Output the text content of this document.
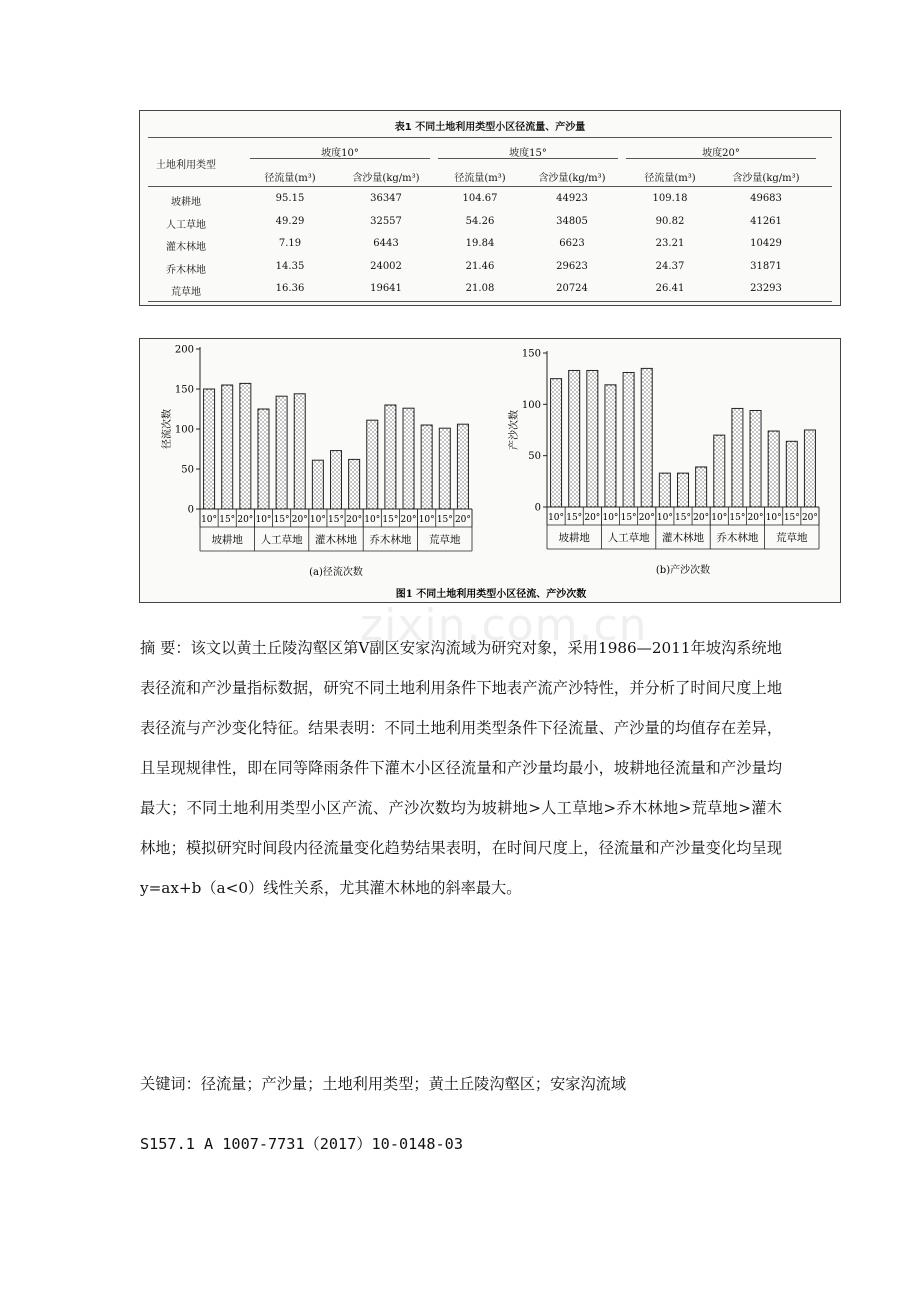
表1 不同土地利用类型小区径流量、产沙量
土地利用类型
坡度10°	坡度15°	坡度20°
径流量(m³)	含沙量(kg/m³)	径流量(m³)	含沙量(kg/m³)	径流量(m³)	含沙量(kg/m³)
坡耕地	95.15	36347	104.67	44923	109.18	49683
人工草地	49.29	32557	54.26	34805	90.82	41261
灌木林地	7.19	6443	19.84	6623	23.21	10429
乔木林地	14.35	24002	21.46	29623	24.37	31871
荒草地	16.36	19641	21.08	20724	26.41	23293
0
50
100
150
200
径流次数
10° 15° 20° 10° 15° 20° 10° 15° 20° 10° 15° 20° 10° 15° 20°
坡耕地 人工草地 灌木林地 乔木林地 荒草地
(a)径流次数
0
50
100
150
产沙次数
10° 15° 20° 10° 15° 20° 10° 15° 20° 10° 15° 20° 10° 15° 20°
坡耕地 人工草地 灌木林地 乔木林地 荒草地
(b)产沙次数
图1 不同土地利用类型小区径流、产沙次数
zixin.com.cn

摘 要：该文以黄土丘陵沟壑区第Ⅴ副区安家沟流域为研究对象，采用1986—2011年坡沟系统地表径流和产沙量指标数据，研究不同土地利用条件下地表产流产沙特性，并分析了时间尺度上地表径流与产沙变化特征。结果表明：不同土地利用类型条件下径流量、产沙量的均值存在差异，且呈现规律性，即在同等降雨条件下灌木小区径流量和产沙量均最小，坡耕地径流量和产沙量均最大；不同土地利用类型小区产流、产沙次数均为坡耕地>人工草地>乔木林地>荒草地>灌木林地；模拟研究时间段内径流量变化趋势结果表明，在时间尺度上，径流量和产沙量变化均呈现 y=ax+b（a<0）线性关系，尤其灌木林地的斜率最大。

关键词：径流量；产沙量；土地利用类型；黄土丘陵沟壑区；安家沟流域
S157.1 A 1007-7731（2017）10-0148-03
